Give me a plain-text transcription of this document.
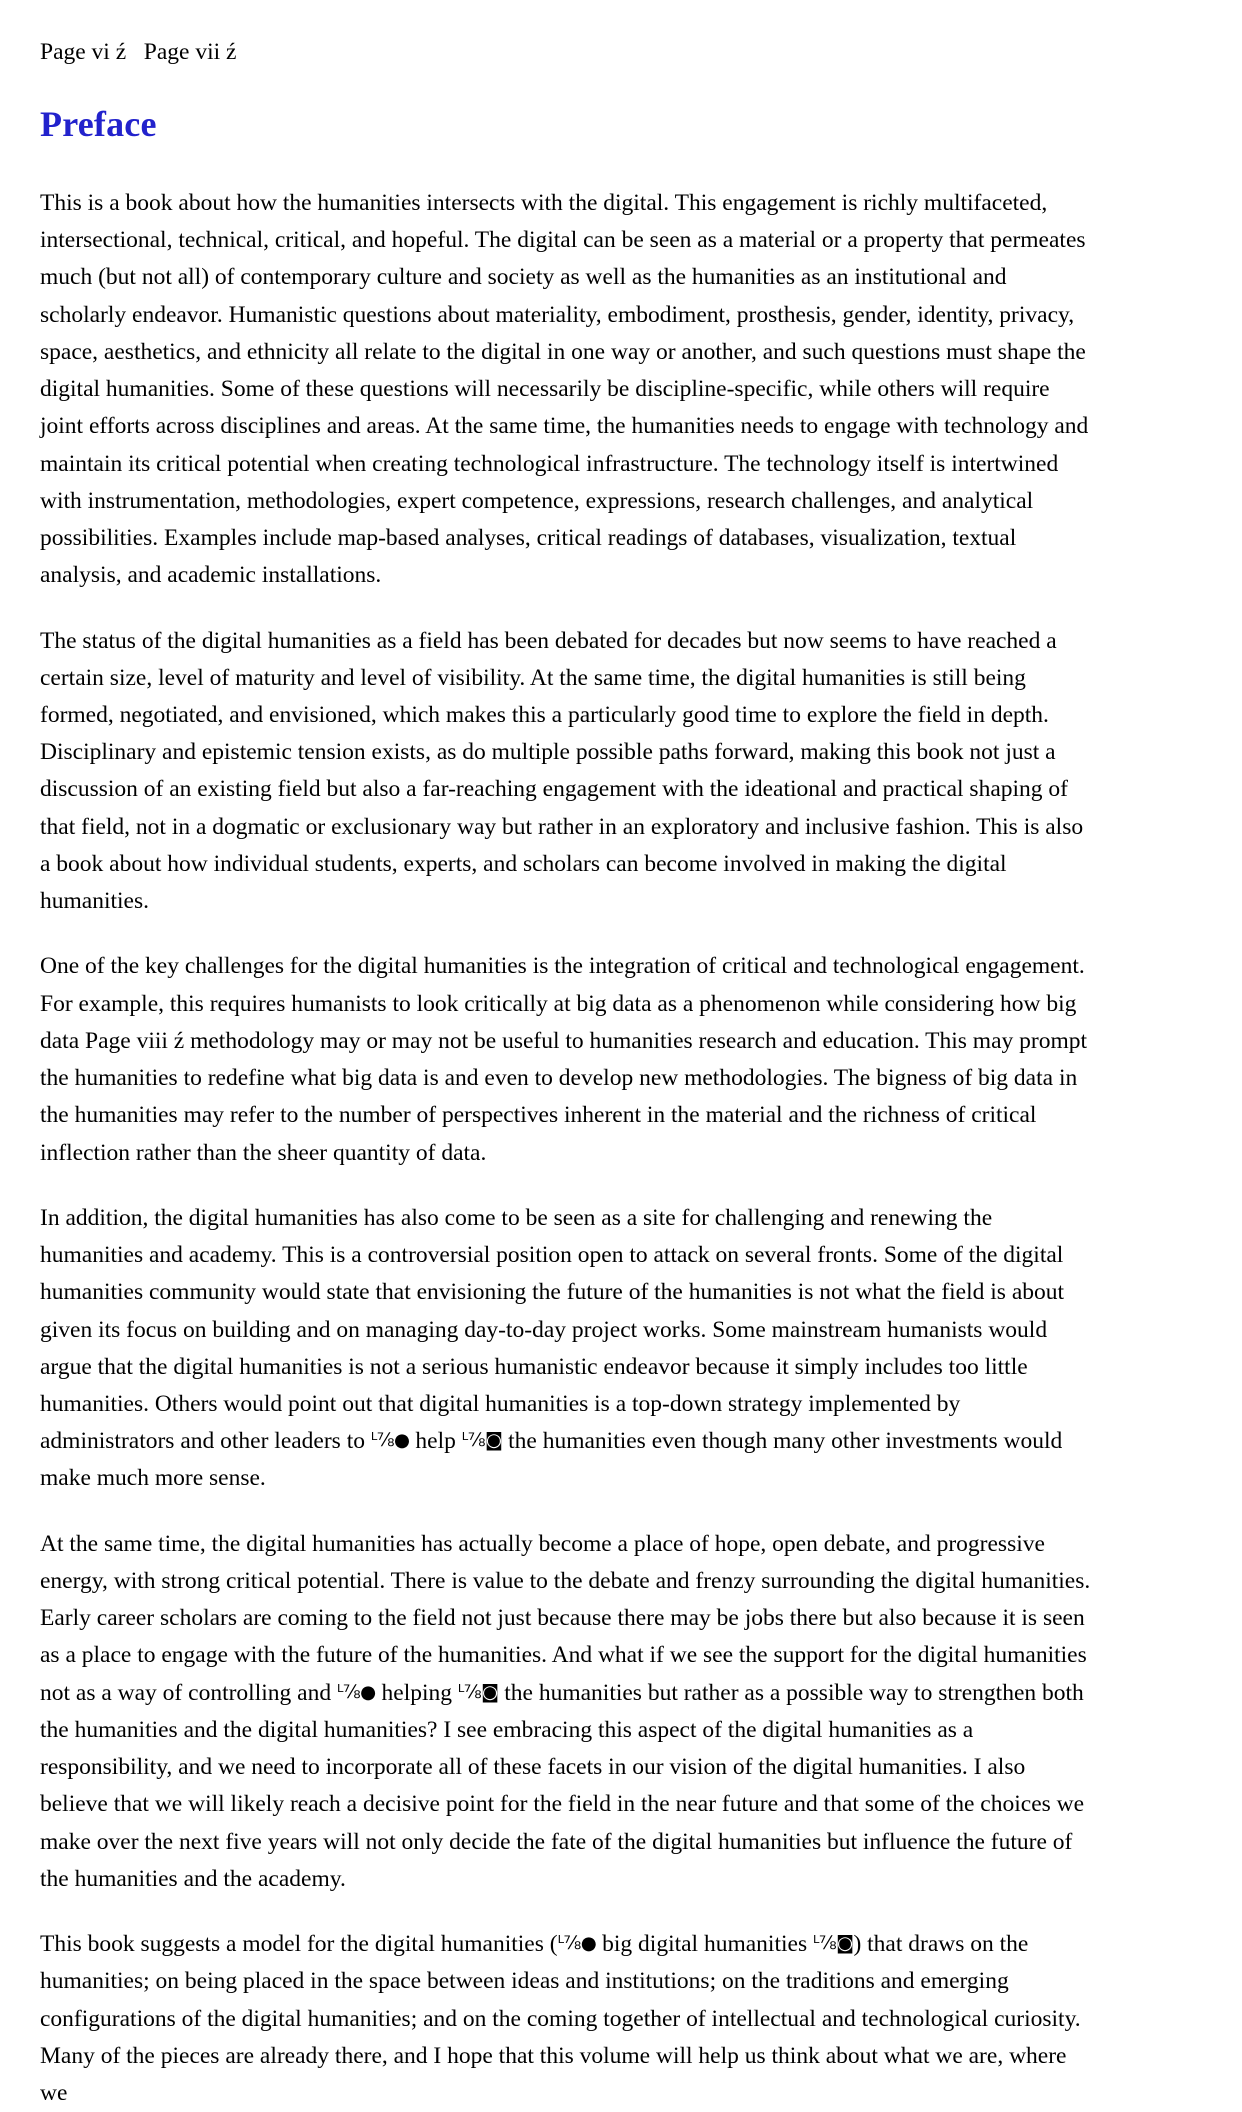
Page vi ź   Page vii ź
Preface

This is a book about how the humanities intersects with the digital. This engagement is richly multifaceted, intersectional, technical, critical, and hopeful. The digital can be seen as a material or a property that permeates much (but not all) of contemporary culture and society as well as the humanities as an institutional and scholarly endeavor. Humanistic questions about materiality, embodiment, prosthesis, gender, identity, privacy, space, aesthetics, and ethnicity all relate to the digital in one way or another, and such questions must shape the digital humanities. Some of these questions will necessarily be discipline-specific, while others will require joint efforts across disciplines and areas. At the same time, the humanities needs to engage with technology and maintain its critical potential when creating technological infrastructure. The technology itself is intertwined with instrumentation, methodologies, expert competence, expressions, research challenges, and analytical possibilities. Examples include map-based analyses, critical readings of databases, visualization, textual analysis, and academic installations.

The status of the digital humanities as a field has been debated for decades but now seems to have reached a certain size, level of maturity and level of visibility. At the same time, the digital humanities is still being formed, negotiated, and envisioned, which makes this a particularly good time to explore the field in depth. Disciplinary and epistemic tension exists, as do multiple possible paths forward, making this book not just a discussion of an existing field but also a far-reaching engagement with the ideational and practical shaping of that field, not in a dogmatic or exclusionary way but rather in an exploratory and inclusive fashion. This is also a book about how individual students, experts, and scholars can become involved in making the digital humanities.

One of the key challenges for the digital humanities is the integration of critical and technological engagement. For example, this requires humanists to look critically at big data as a phenomenon while considering how big data Page viii ź methodology may or may not be useful to humanities research and education. This may prompt the humanities to redefine what big data is and even to develop new methodologies. The bigness of big data in the humanities may refer to the number of perspectives inherent in the material and the richness of critical inflection rather than the sheer quantity of data.

In addition, the digital humanities has also come to be seen as a site for challenging and renewing the humanities and academy. This is a controversial position open to attack on several fronts. Some of the digital humanities community would state that envisioning the future of the humanities is not what the field is about given its focus on building and on managing day-to-day project works. Some mainstream humanists would argue that the digital humanities is not a serious humanistic endeavor because it simply includes too little humanities. Others would point out that digital humanities is a top-down strategy implemented by administrators and other leaders to ᴸ⅞● help ᴸ⅞◙ the humanities even though many other investments would make much more sense.

At the same time, the digital humanities has actually become a place of hope, open debate, and progressive energy, with strong critical potential. There is value to the debate and frenzy surrounding the digital humanities. Early career scholars are coming to the field not just because there may be jobs there but also because it is seen as a place to engage with the future of the humanities. And what if we see the support for the digital humanities not as a way of controlling and ᴸ⅞● helping ᴸ⅞◙ the humanities but rather as a possible way to strengthen both the humanities and the digital humanities? I see embracing this aspect of the digital humanities as a responsibility, and we need to incorporate all of these facets in our vision of the digital humanities. I also believe that we will likely reach a decisive point for the field in the near future and that some of the choices we make over the next five years will not only decide the fate of the digital humanities but influence the future of the humanities and the academy.

This book suggests a model for the digital humanities (ᴸ⅞● big digital humanities ᴸ⅞◙) that draws on the humanities; on being placed in the space between ideas and institutions; on the traditions and emerging configurations of the digital humanities; and on the coming together of intellectual and technological curiosity. Many of the pieces are already there, and I hope that this volume will help us think about what we are, where we
